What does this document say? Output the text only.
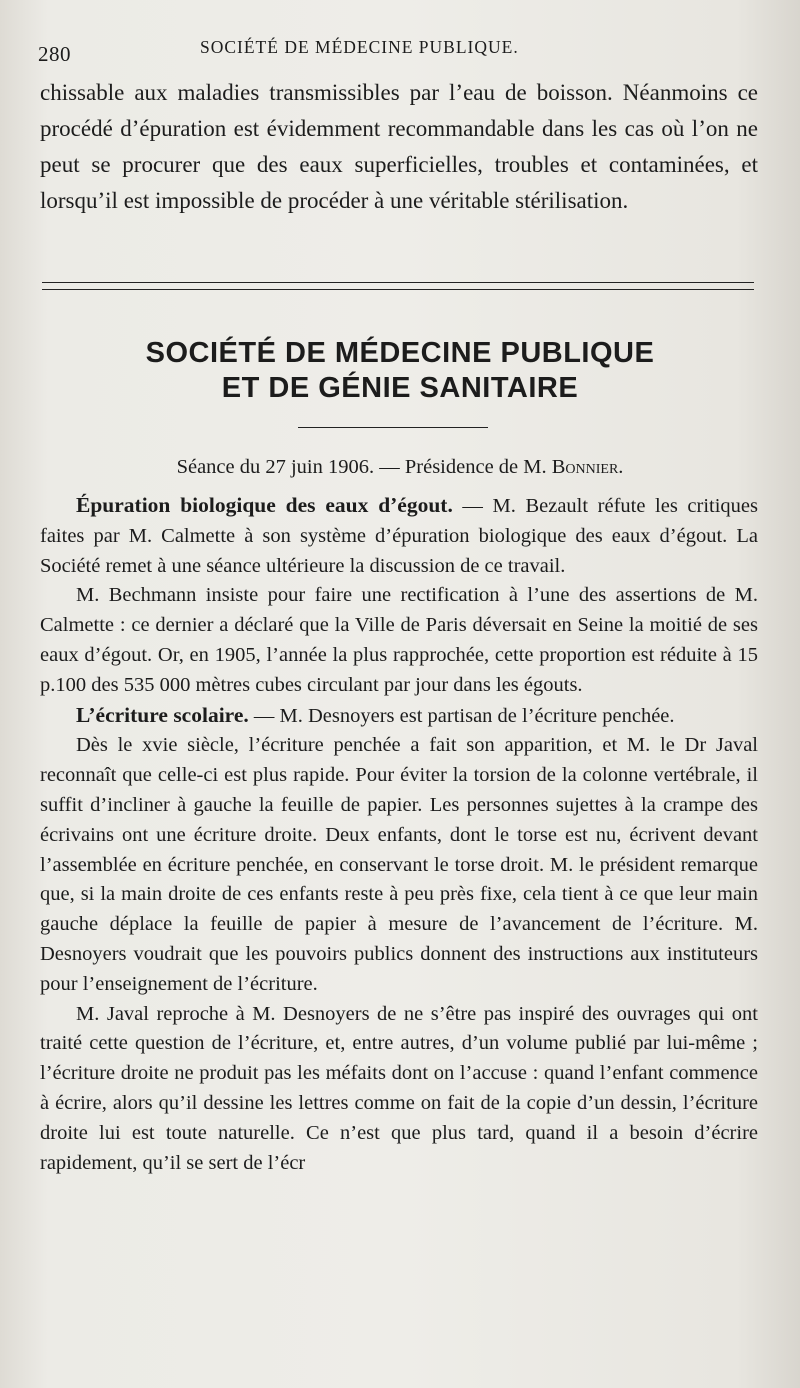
280	SOCIÉTÉ DE MÉDECINE PUBLIQUE.

chissable aux maladies transmissibles par l’eau de boisson. Néanmoins ce procédé d’épuration est évidemment recommandable dans les cas où l’on ne peut se procurer que des eaux superficielles, troubles et contaminées, et lorsqu’il est impossible de procéder à une véritable stérilisation.

SOCIÉTÉ DE MÉDECINE PUBLIQUE
ET DE GÉNIE SANITAIRE
Séance du 27 juin 1906. — Présidence de M. Bonnier.

Épuration biologique des eaux d’égout. — M. Bezault réfute les critiques faites par M. Calmette à son système d’épuration biologique des eaux d’égout. La Société remet à une séance ultérieure la discussion de ce travail.

M. Bechmann insiste pour faire une rectification à l’une des assertions de M. Calmette : ce dernier a déclaré que la Ville de Paris déversait en Seine la moitié de ses eaux d’égout. Or, en 1905, l’année la plus rapprochée, cette proportion est réduite à 15 p.100 des 535 000 mètres cubes circulant par jour dans les égouts.

L’écriture scolaire. — M. Desnoyers est partisan de l’écriture penchée.

Dès le xvie siècle, l’écriture penchée a fait son apparition, et M. le Dr Javal reconnaît que celle-ci est plus rapide. Pour éviter la torsion de la colonne vertébrale, il suffit d’incliner à gauche la feuille de papier. Les personnes sujettes à la crampe des écrivains ont une écriture droite. Deux enfants, dont le torse est nu, écrivent devant l’assemblée en écriture penchée, en conservant le torse droit. M. le président remarque que, si la main droite de ces enfants reste à peu près fixe, cela tient à ce que leur main gauche déplace la feuille de papier à mesure de l’avancement de l’écriture. M. Desnoyers voudrait que les pouvoirs publics donnent des instructions aux instituteurs pour l’enseignement de l’écriture.

M. Javal reproche à M. Desnoyers de ne s’être pas inspiré des ouvrages qui ont traité cette question de l’écriture, et, entre autres, d’un volume publié par lui-même ; l’écriture droite ne produit pas les méfaits dont on l’accuse : quand l’enfant commence à écrire, alors qu’il dessine les lettres comme on fait de la copie d’un dessin, l’écriture droite lui est toute naturelle. Ce n’est que plus tard, quand il a besoin d’écrire rapidement, qu’il se sert de l’écr
